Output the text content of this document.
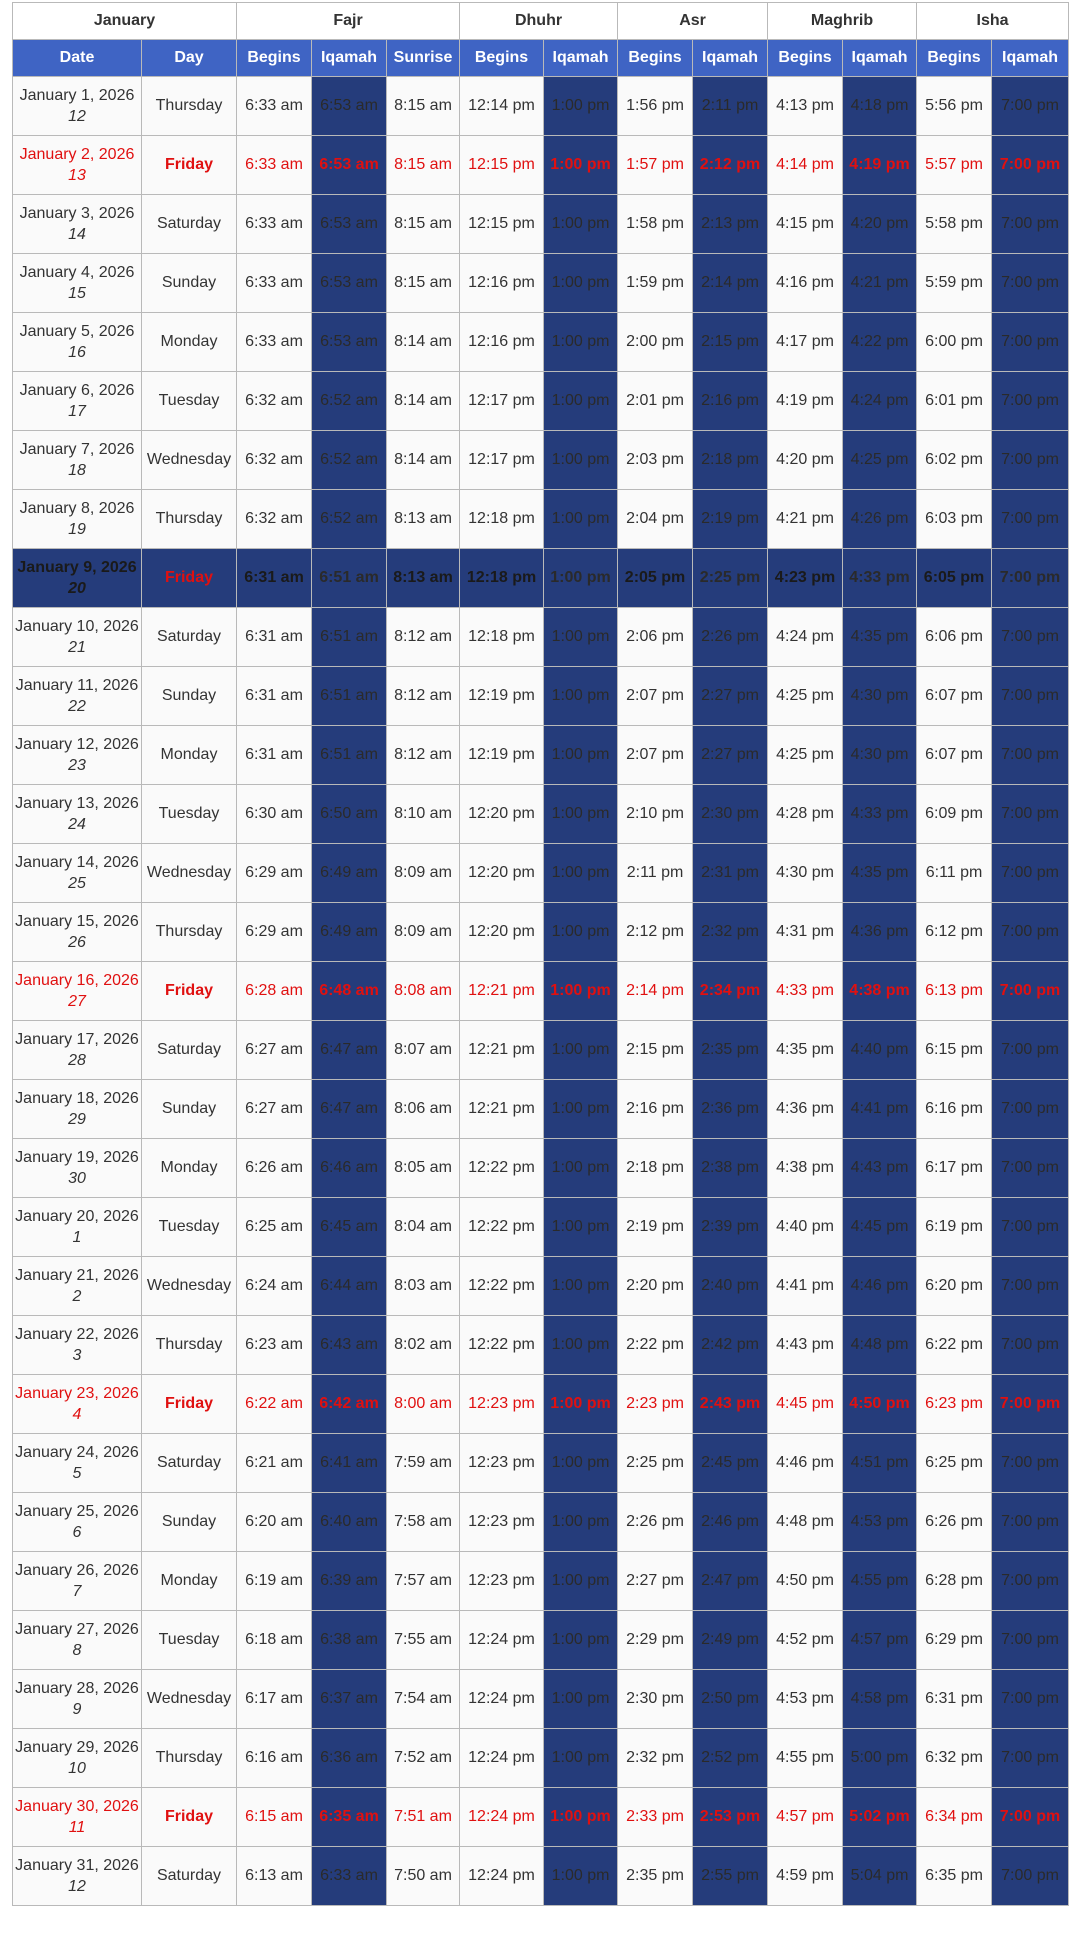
January		Fajr			Dhuhr		Asr		Maghrib		Isha	
Date	Day	Begins	Iqamah	Sunrise	Begins	Iqamah	Begins	Iqamah	Begins	Iqamah	Begins	Iqamah
January 1, 2026
12	Thursday	6:33 am	6:53 am	8:15 am	12:14 pm	1:00 pm	1:56 pm	2:11 pm	4:13 pm	4:18 pm	5:56 pm	7:00 pm
January 2, 2026
13	Friday	6:33 am	6:53 am	8:15 am	12:15 pm	1:00 pm	1:57 pm	2:12 pm	4:14 pm	4:19 pm	5:57 pm	7:00 pm
January 3, 2026
14	Saturday	6:33 am	6:53 am	8:15 am	12:15 pm	1:00 pm	1:58 pm	2:13 pm	4:15 pm	4:20 pm	5:58 pm	7:00 pm
January 4, 2026
15	Sunday	6:33 am	6:53 am	8:15 am	12:16 pm	1:00 pm	1:59 pm	2:14 pm	4:16 pm	4:21 pm	5:59 pm	7:00 pm
January 5, 2026
16	Monday	6:33 am	6:53 am	8:14 am	12:16 pm	1:00 pm	2:00 pm	2:15 pm	4:17 pm	4:22 pm	6:00 pm	7:00 pm
January 6, 2026
17	Tuesday	6:32 am	6:52 am	8:14 am	12:17 pm	1:00 pm	2:01 pm	2:16 pm	4:19 pm	4:24 pm	6:01 pm	7:00 pm
January 7, 2026
18	Wednesday	6:32 am	6:52 am	8:14 am	12:17 pm	1:00 pm	2:03 pm	2:18 pm	4:20 pm	4:25 pm	6:02 pm	7:00 pm
January 8, 2026
19	Thursday	6:32 am	6:52 am	8:13 am	12:18 pm	1:00 pm	2:04 pm	2:19 pm	4:21 pm	4:26 pm	6:03 pm	7:00 pm
January 9, 2026
20	Friday	6:31 am	6:51 am	8:13 am	12:18 pm	1:00 pm	2:05 pm	2:25 pm	4:23 pm	4:33 pm	6:05 pm	7:00 pm
January 10, 2026
21	Saturday	6:31 am	6:51 am	8:12 am	12:18 pm	1:00 pm	2:06 pm	2:26 pm	4:24 pm	4:35 pm	6:06 pm	7:00 pm
January 11, 2026
22	Sunday	6:31 am	6:51 am	8:12 am	12:19 pm	1:00 pm	2:07 pm	2:27 pm	4:25 pm	4:30 pm	6:07 pm	7:00 pm
January 12, 2026
23	Monday	6:31 am	6:51 am	8:12 am	12:19 pm	1:00 pm	2:07 pm	2:27 pm	4:25 pm	4:30 pm	6:07 pm	7:00 pm
January 13, 2026
24	Tuesday	6:30 am	6:50 am	8:10 am	12:20 pm	1:00 pm	2:10 pm	2:30 pm	4:28 pm	4:33 pm	6:09 pm	7:00 pm
January 14, 2026
25	Wednesday	6:29 am	6:49 am	8:09 am	12:20 pm	1:00 pm	2:11 pm	2:31 pm	4:30 pm	4:35 pm	6:11 pm	7:00 pm
January 15, 2026
26	Thursday	6:29 am	6:49 am	8:09 am	12:20 pm	1:00 pm	2:12 pm	2:32 pm	4:31 pm	4:36 pm	6:12 pm	7:00 pm
January 16, 2026
27	Friday	6:28 am	6:48 am	8:08 am	12:21 pm	1:00 pm	2:14 pm	2:34 pm	4:33 pm	4:38 pm	6:13 pm	7:00 pm
January 17, 2026
28	Saturday	6:27 am	6:47 am	8:07 am	12:21 pm	1:00 pm	2:15 pm	2:35 pm	4:35 pm	4:40 pm	6:15 pm	7:00 pm
January 18, 2026
29	Sunday	6:27 am	6:47 am	8:06 am	12:21 pm	1:00 pm	2:16 pm	2:36 pm	4:36 pm	4:41 pm	6:16 pm	7:00 pm
January 19, 2026
30	Monday	6:26 am	6:46 am	8:05 am	12:22 pm	1:00 pm	2:18 pm	2:38 pm	4:38 pm	4:43 pm	6:17 pm	7:00 pm
January 20, 2026
1	Tuesday	6:25 am	6:45 am	8:04 am	12:22 pm	1:00 pm	2:19 pm	2:39 pm	4:40 pm	4:45 pm	6:19 pm	7:00 pm
January 21, 2026
2	Wednesday	6:24 am	6:44 am	8:03 am	12:22 pm	1:00 pm	2:20 pm	2:40 pm	4:41 pm	4:46 pm	6:20 pm	7:00 pm
January 22, 2026
3	Thursday	6:23 am	6:43 am	8:02 am	12:22 pm	1:00 pm	2:22 pm	2:42 pm	4:43 pm	4:48 pm	6:22 pm	7:00 pm
January 23, 2026
4	Friday	6:22 am	6:42 am	8:00 am	12:23 pm	1:00 pm	2:23 pm	2:43 pm	4:45 pm	4:50 pm	6:23 pm	7:00 pm
January 24, 2026
5	Saturday	6:21 am	6:41 am	7:59 am	12:23 pm	1:00 pm	2:25 pm	2:45 pm	4:46 pm	4:51 pm	6:25 pm	7:00 pm
January 25, 2026
6	Sunday	6:20 am	6:40 am	7:58 am	12:23 pm	1:00 pm	2:26 pm	2:46 pm	4:48 pm	4:53 pm	6:26 pm	7:00 pm
January 26, 2026
7	Monday	6:19 am	6:39 am	7:57 am	12:23 pm	1:00 pm	2:27 pm	2:47 pm	4:50 pm	4:55 pm	6:28 pm	7:00 pm
January 27, 2026
8	Tuesday	6:18 am	6:38 am	7:55 am	12:24 pm	1:00 pm	2:29 pm	2:49 pm	4:52 pm	4:57 pm	6:29 pm	7:00 pm
January 28, 2026
9	Wednesday	6:17 am	6:37 am	7:54 am	12:24 pm	1:00 pm	2:30 pm	2:50 pm	4:53 pm	4:58 pm	6:31 pm	7:00 pm
January 29, 2026
10	Thursday	6:16 am	6:36 am	7:52 am	12:24 pm	1:00 pm	2:32 pm	2:52 pm	4:55 pm	5:00 pm	6:32 pm	7:00 pm
January 30, 2026
11	Friday	6:15 am	6:35 am	7:51 am	12:24 pm	1:00 pm	2:33 pm	2:53 pm	4:57 pm	5:02 pm	6:34 pm	7:00 pm
January 31, 2026
12	Saturday	6:13 am	6:33 am	7:50 am	12:24 pm	1:00 pm	2:35 pm	2:55 pm	4:59 pm	5:04 pm	6:35 pm	7:00 pm
